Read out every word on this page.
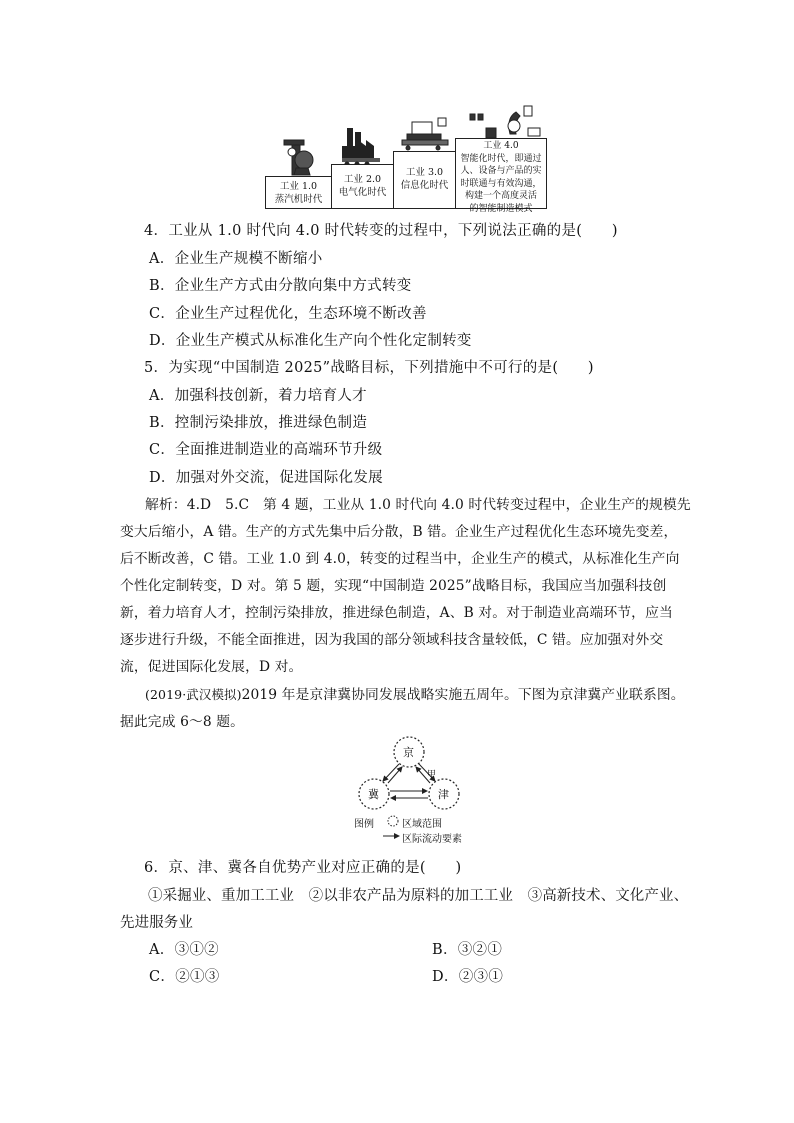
工业 1.0
蒸汽机时代
工业 2.0
电气化时代
工业 3.0
信息化时代
工业 4.0
智能化时代，即通过
人、设备与产品的实
时联通与有效沟通，
构建一个高度灵活
的智能制造模式
4．工业从 1.0 时代向 4.0 时代转变的过程中，下列说法正确的是(　　)
A．企业生产规模不断缩小
B．企业生产方式由分散向集中方式转变
C．企业生产过程优化，生态环境不断改善
D．企业生产模式从标准化生产向个性化定制转变
5．为实现“中国制造 2025”战略目标，下列措施中不可行的是(　　)
A．加强科技创新，着力培育人才
B．控制污染排放，推进绿色制造
C．全面推进制造业的高端环节升级
D．加强对外交流，促进国际化发展
解析：4.D　5.C　第 4 题，工业从 1.0 时代向 4.0 时代转变过程中，企业生产的规模先
变大后缩小，A 错。生产的方式先集中后分散，B 错。企业生产过程优化生态环境先变差，
后不断改善，C 错。工业 1.0 到 4.0，转变的过程当中，企业生产的模式，从标准化生产向
个性化定制转变，D 对。第 5 题，实现“中国制造 2025”战略目标，我国应当加强科技创
新，着力培育人才，控制污染排放，推进绿色制造，A、B 对。对于制造业高端环节，应当
逐步进行升级，不能全面推进，因为我国的部分领域科技含量较低，C 错。应加强对外交
流，促进国际化发展，D 对。
(2019·武汉模拟)2019 年是京津冀协同发展战略实施五周年。下图为京津冀产业联系图。
据此完成 6～8 题。
京
冀	津
甲
图例	区域范围
区际流动要素
6．京、津、冀各自优势产业对应正确的是(　　)
①采掘业、重加工工业　②以非农产品为原料的加工工业　③高新技术、文化产业、
先进服务业
A．③①②	B．③②①
C．②①③	D．②③①
